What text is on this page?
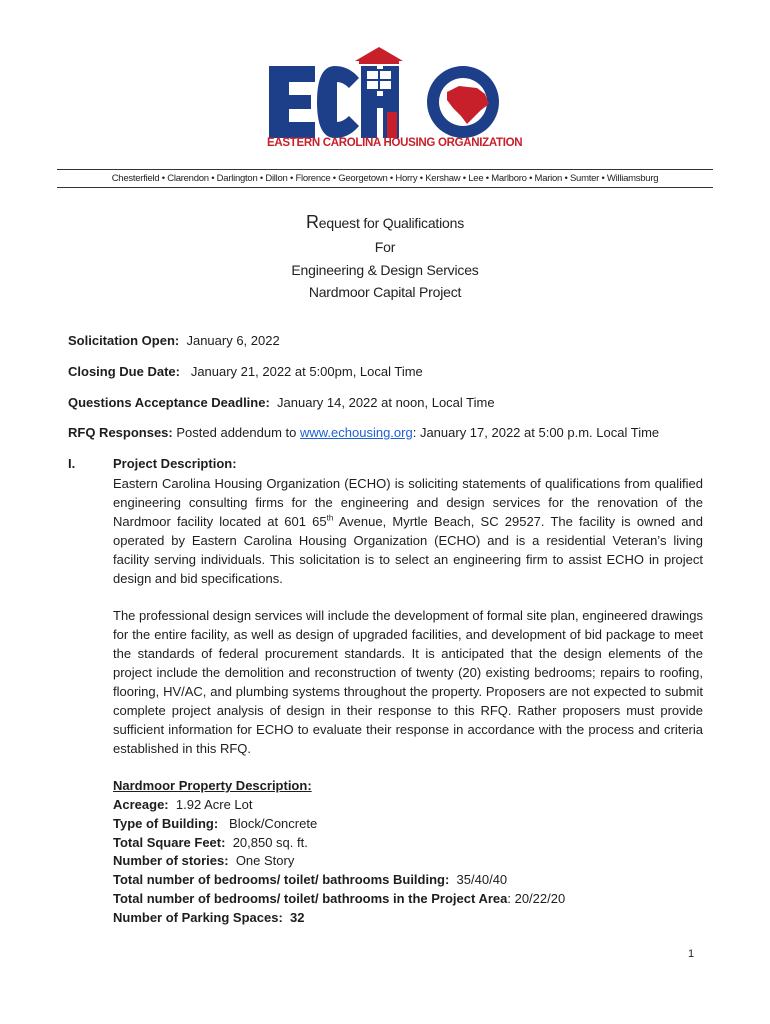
EASTERN CAROLINA HOUSING ORGANIZATION
Chesterfield • Clarendon • Darlington • Dillon • Florence • Georgetown • Horry • Kershaw • Lee • Marlboro • Marion • Sumter • Williamsburg
Request for Qualifications
For
Engineering & Design Services
Nardmoor Capital Project
Solicitation Open: January 6, 2022
Closing Due Date: January 21, 2022 at 5:00pm, Local Time
Questions Acceptance Deadline: January 14, 2022 at noon, Local Time
RFQ Responses: Posted addendum to www.echousing.org: January 17, 2022 at 5:00 p.m. Local Time
I.	Project Description:
Eastern Carolina Housing Organization (ECHO) is soliciting statements of qualifications from qualified engineering consulting firms for the engineering and design services for the renovation of the Nardmoor facility located at 601 65th Avenue, Myrtle Beach, SC 29527. The facility is owned and operated by Eastern Carolina Housing Organization (ECHO) and is a residential Veteran’s living facility serving individuals. This solicitation is to select an engineering firm to assist ECHO in project design and bid specifications.
The professional design services will include the development of formal site plan, engineered drawings for the entire facility, as well as design of upgraded facilities, and development of bid package to meet the standards of federal procurement standards. It is anticipated that the design elements of the project include the demolition and reconstruction of twenty (20) existing bedrooms; repairs to roofing, flooring, HV/AC, and plumbing systems throughout the property. Proposers are not expected to submit complete project analysis of design in their response to this RFQ. Rather proposers must provide sufficient information for ECHO to evaluate their response in accordance with the process and criteria established in this RFQ.
Nardmoor Property Description:
Acreage: 1.92 Acre Lot
Type of Building: Block/Concrete
Total Square Feet: 20,850 sq. ft.
Number of stories: One Story
Total number of bedrooms/ toilet/ bathrooms Building: 35/40/40
Total number of bedrooms/ toilet/ bathrooms in the Project Area: 20/22/20
Number of Parking Spaces: 32
1
